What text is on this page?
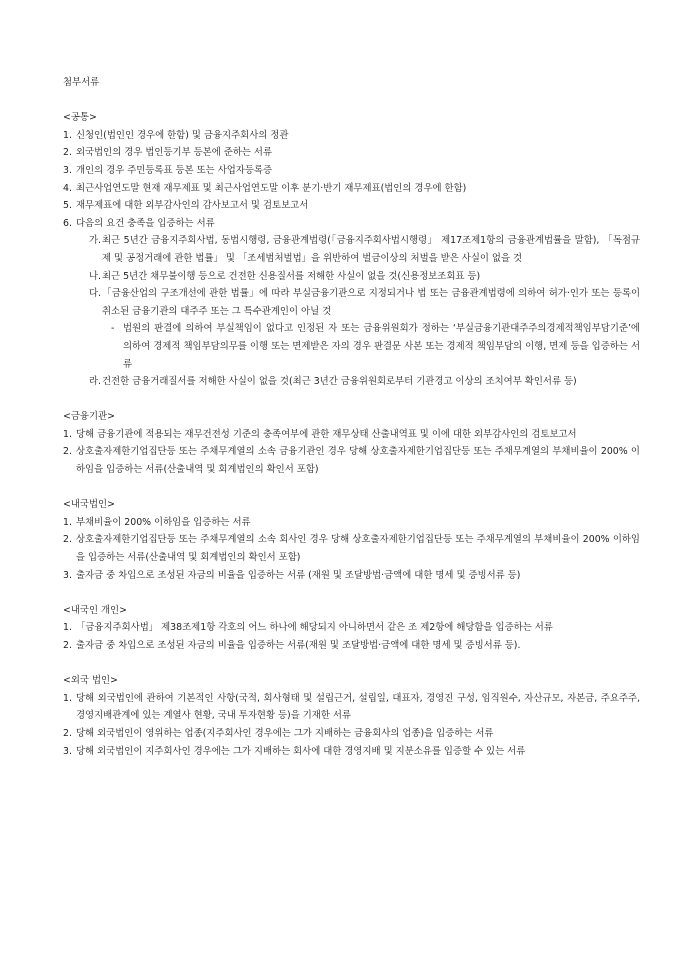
첨부서류
<공통>
1. 신청인(법인인 경우에 한함) 및 금융지주회사의 정관
2. 외국법인의 경우 법인등기부 등본에 준하는 서류
3. 개인의 경우 주민등록표 등본 또는 사업자등록증
4. 최근사업연도말 현재 재무제표 및 최근사업연도말 이후 분기·반기 재무제표(법인의 경우에 한함)
5. 재무제표에 대한 외부감사인의 감사보고서 및 검토보고서
6. 다음의 요건 충족을 입증하는 서류
가. 최근 5년간 금융지주회사법, 동법시행령, 금융관계법령(「금융지주회사법시행령」 제17조제1항의 금융관계법률을 말함), 「독점규제 및 공정거래에 관한 법률」 및 「조세범처벌법」을 위반하여 벌금이상의 처벌을 받은 사실이 없을 것
나. 최근 5년간 채무불이행 등으로 건전한 신용질서를 저해한 사실이 없을 것(신용정보조회표 등)
다. 「금융산업의 구조개선에 관한 법률」에 따라 부실금융기관으로 지정되거나 법 또는 금융관계법령에 의하여 허가·인가 또는 등록이 취소된 금융기관의 대주주 또는 그 특수관계인이 아닐 것
- 법원의 판결에 의하여 부실책임이 없다고 인정된 자 또는 금융위원회가 정하는 ‘부실금융기관대주주의경제적책임부담기준’에 의하여 경제적 책임부담의무를 이행 또는 면제받은 자의 경우 판결문 사본 또는 경제적 책임부담의 이행, 면제 등을 입증하는 서류
라. 건전한 금융거래질서를 저해한 사실이 없을 것(최근 3년간 금융위원회로부터 기관경고 이상의 조치여부 확인서류 등)
<금융기관>
1. 당해 금융기관에 적용되는 재무건전성 기준의 충족여부에 관한 재무상태 산출내역표 및 이에 대한 외부감사인의 검토보고서
2. 상호출자제한기업집단등 또는 주채무계열의 소속 금융기관인 경우 당해 상호출자제한기업집단등 또는 주채무계열의 부채비율이 200% 이하임을 입증하는 서류(산출내역 및 회계법인의 확인서 포함)
<내국법인>
1. 부채비율이 200% 이하임을 입증하는 서류
2. 상호출자제한기업집단등 또는 주채무계열의 소속 회사인 경우 당해 상호출자제한기업집단등 또는 주채무계열의 부채비율이 200% 이하임을 입증하는 서류(산출내역 및 회계법인의 확인서 포함)
3. 출자금 중 차입으로 조성된 자금의 비율을 입증하는 서류 (재원 및 조달방법·금액에 대한 명세 및 증빙서류 등)
<내국인 개인>
1. 「금융지주회사법」 제38조제1항 각호의 어느 하나에 해당되지 아니하면서 같은 조 제2항에 해당함을 입증하는 서류
2. 출자금 중 차입으로 조성된 자금의 비율을 입증하는 서류(재원 및 조달방법·금액에 대한 명세 및 증빙서류 등).
<외국 법인>
1. 당해 외국법인에 관하여 기본적인 사항(국적, 회사형태 및 설립근거, 설립일, 대표자, 경영진 구성, 임직원수, 자산규모, 자본금, 주요주주, 경영지배관계에 있는 계열사 현황, 국내 투자현황 등)을 기재한 서류
2. 당해 외국법인이 영위하는 업종(지주회사인 경우에는 그가 지배하는 금융회사의 업종)을 입증하는 서류
3. 당해 외국법인이 지주회사인 경우에는 그가 지배하는 회사에 대한 경영지배 및 지분소유를 입증할 수 있는 서류
